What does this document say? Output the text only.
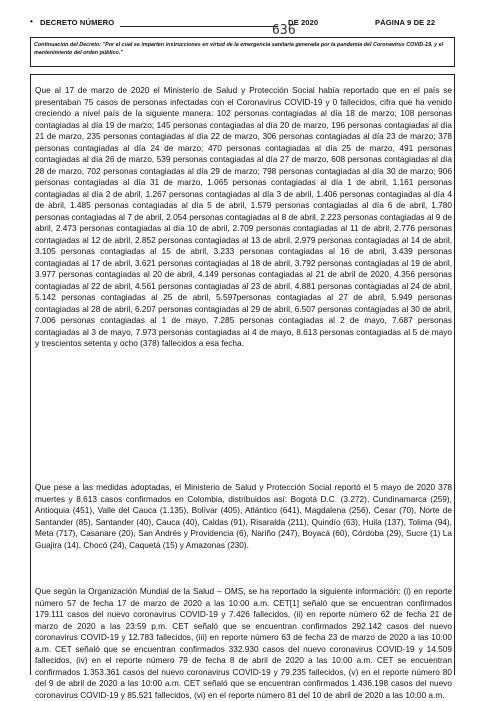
• DECRETO NÚMERO
636
DE 2020	PÁGINA 9 DE 22
Continuación del Decreto: "Por el cual se imparten instrucciones en virtud de la emergencia sanitaria generada por la pandemia del Coronavirus COVID-19, y el mantenimiento del orden público."

Que al 17 de marzo de 2020 el Ministerio de Salud y Protección Social había reportado que en el país se presentaban 75 casos de personas infectadas con el Coronavirus COVID-19 y 0 fallecidos, cifra que ha venido creciendo a nivel país de la siguiente manera: 102 personas contagiadas al día 18 de marzo; 108 personas contagiadas al día 19 de marzo; 145 personas contagiadas al día 20 de marzo, 196 personas contagiadas al día 21 de marzo, 235 personas contagiadas al día 22 de marzo, 306 personas contagiadas al día 23 de marzo; 378 personas contagiadas al día 24 de marzo; 470 personas contagiadas al día 25 de marzo, 491 personas contagiadas al día 26 de marzo, 539 personas contagiadas al día 27 de marzo, 608 personas contagiadas al día 28 de marzo, 702 personas contagiadas al día 29 de marzo; 798 personas contagiadas al día 30 de marzo; 906 personas contagiadas al día 31 de marzo, 1.065 personas contagiadas al día 1 de abril, 1.161 personas contagiadas al día 2 de abril, 1.267 personas contagiadas al día 3 de abril, 1.406 personas contagiadas al día 4 de abril, 1.485 personas contagiadas al día 5 de abril, 1.579 personas contagiadas al día 6 de abril, 1.780 personas contagiadas al 7 de abril, 2.054 personas contagiadas al 8 de abril, 2.223 personas contagiadas al 9 de abril, 2.473 personas contagiadas al día 10 de abril, 2.709 personas contagiadas al 11 de abril, 2.776 personas contagiadas al 12 de abril, 2.852 personas contagiadas al 13 de abril, 2.979 personas contagiadas al 14 de abril, 3.105 personas contagiadas al 15 de abril, 3.233 personas contagiadas al 16 de abril, 3.439 personas contagiadas al 17 de abril, 3.621 personas contagiadas al 18 de abril, 3.792 personas contagiadas al 19 de abril, 3.977 personas contagiadas al 20 de abril, 4.149 personas contagiadas al 21 de abril de 2020, 4.356 personas contagiadas al 22 de abril, 4.561 personas contagiadas al 23 de abril, 4.881 personas contagiadas al 24 de abril, 5.142 personas contagiadas al 25 de abril, 5.597personas contagiadas al 27 de abril, 5.949 personas contagiadas al 28 de abril, 6.207 personas contagiadas al 29 de abril, 6.507 personas contagiadas al 30 de abril, 7.006 personas contagiadas al 1 de mayo, 7.285 personas contagiadas al 2 de mayo, 7.687 personas contagiadas al 3 de mayo, 7.973 personas contagiadas al 4 de mayo, 8.613 personas contagiadas al 5 de mayo y trescientos setenta y ocho (378) fallecidos a esa fecha.

Que pese a las medidas adoptadas, el Ministerio de Salud y Protección Social reportó el 5 mayo de 2020 378 muertes y 8.613 casos confirmados en Colombia, distribuidos así: Bogotá D.C. (3.272), Cundinamarca (259), Antioquia (451), Valle del Cauca (1.135), Bolívar (405), Atlántico (641), Magdalena (256), Cesar (70), Norte de Santander (85), Santander (40), Cauca (40), Caldas (91), Risaralda (211), Quindío (63), Huila (137), Tolima (94), Meta (717), Casanare (20), San Andrés y Providencia (6), Nariño (247), Boyacá (60), Córdoba (29), Sucre (1) La Guajira (14), Chocó (24), Caquetá (15) y Amazonas (230).

Que según la Organización Mundial de la Salud – OMS, se ha reportado la siguiente información: (i) en reporte número 57 de fecha 17 de marzo de 2020 a las 10:00 a.m. CET[1] señaló que se encuentran confirmados 179.111 casos del nuevo coronavirus COVID-19 y 7.426 fallecidos, (ii) en reporte número 62 de fecha 21 de marzo de 2020 a las 23:59 p.m. CET señaló que se encuentran confirmados 292.142 casos del nuevo coronavirus COVID-19 y 12.783 fallecidos, (iii) en reporte número 63 de fecha 23 de marzo de 2020 a las 10:00 a.m. CET señaló que se encuentran confirmados 332.930 casos del nuevo coronavirus COVID-19 y 14.509 fallecidos, (iv) en el reporte número 79 de fecha 8 de abril de 2020 a las 10:00 a.m. CET se encuentran confirmados 1.353.361 casos del nuevo coronavirus COVID-19 y 79.235 fallecidos, (v) en el reporte número 80 del 9 de abril de 2020 a las 10:00 a.m. CET señaló que se encuentran confirmados 1.436.198 casos del nuevo coronavirus COVID-19 y 85.521 fallecidos, (vi) en el reporte número 81 del 10 de abril de 2020 a las 10:00 a.m.
